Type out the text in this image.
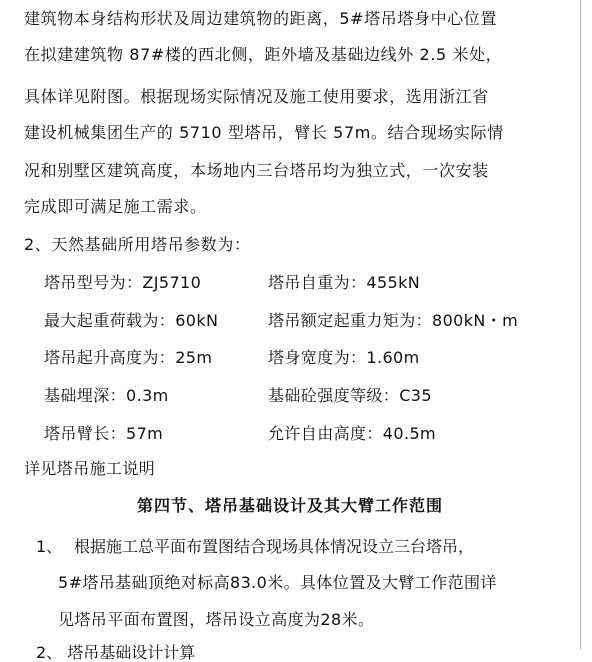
建筑物本身结构形状及周边建筑物的距离，5#塔吊塔身中心位置
在拟建建筑物 87#楼的西北侧，距外墙及基础边线外 2.5 米处，
具体详见附图。根据现场实际情况及施工使用要求，选用浙江省
建设机械集团生产的 5710 型塔吊，臂长 57m。结合现场实际情
况和别墅区建筑高度，本场地内三台塔吊均为独立式，一次安装
完成即可满足施工需求。
2、天然基础所用塔吊参数为：
塔吊型号为：ZJ5710	塔吊自重为：455kN
最大起重荷载为：60kN	塔吊额定起重力矩为：800kN・m
塔吊起升高度为：25m	塔身宽度为：1.60m
基础埋深：0.3m	基础砼强度等级：C35
塔吊臂长：57m	允许自由高度：40.5m
详见塔吊施工说明
第四节、塔吊基础设计及其大臂工作范围
1、 根据施工总平面布置图结合现场具体情况设立三台塔吊，
5#塔吊基础顶绝对标高83.0米。具体位置及大臂工作范围详
见塔吊平面布置图，塔吊设立高度为28米。
2、 塔吊基础设计计算
